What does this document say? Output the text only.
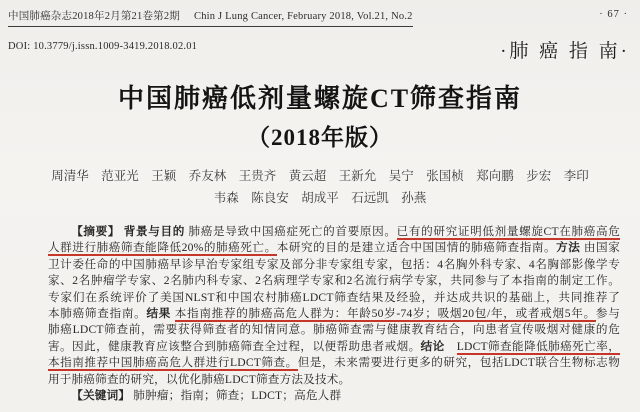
中国肺癌杂志2018年2月第21卷第2期 Chin J Lung Cancer, February 2018, Vol.21, No.2	· 67 ·
DOI: 10.3779/j.issn.1009-3419.2018.02.01	·肺 癌 指 南·
中国肺癌低剂量螺旋CT筛查指南
（2018年版）
周清华　范亚光　王颖　乔友林　王贵齐　黄云超　王新允　吴宁　张国桢　郑向鹏　步宏　李印
韦森　陈良安　胡成平　石远凯　孙燕
【摘要】 背景与目的 肺癌是导致中国癌症死亡的首要原因。已有的研究证明低剂量螺旋CT在肺癌高危
人群进行肺癌筛查能降低20%的肺癌死亡。本研究的目的是建立适合中国国情的肺癌筛查指南。方法 由国家
卫计委任命的中国肺癌早诊早治专家组专家及部分非专家组专家，包括：4名胸外科专家、4名胸部影像学专
家、2名肿瘤学专家、2名肺内科专家、2名病理学专家和2名流行病学专家，共同参与了本指南的制定工作。
专家们在系统评价了美国NLST和中国农村肺癌LDCT筛查结果及经验，并达成共识的基础上，共同推荐了
本肺癌筛查指南。结果 本指南推荐的肺癌高危人群为：年龄50岁-74岁；吸烟20包/年，或者戒烟5年。参与
肺癌LDCT筛查前，需要获得筛查者的知情同意。肺癌筛查需与健康教育结合，向患者宣传吸烟对健康的危
害。因此，健康教育应该整合到肺癌筛查全过程，以便帮助患者戒烟。结论　 LDCT筛查能降低肺癌死亡率，
本指南推荐中国肺癌高危人群进行LDCT筛查。但是，未来需要进行更多的研究，包括LDCT联合生物标志物
用于肺癌筛查的研究，以优化肺癌LDCT筛查方法及技术。
【关键词】 肺肿瘤；指南；筛查；LDCT；高危人群
